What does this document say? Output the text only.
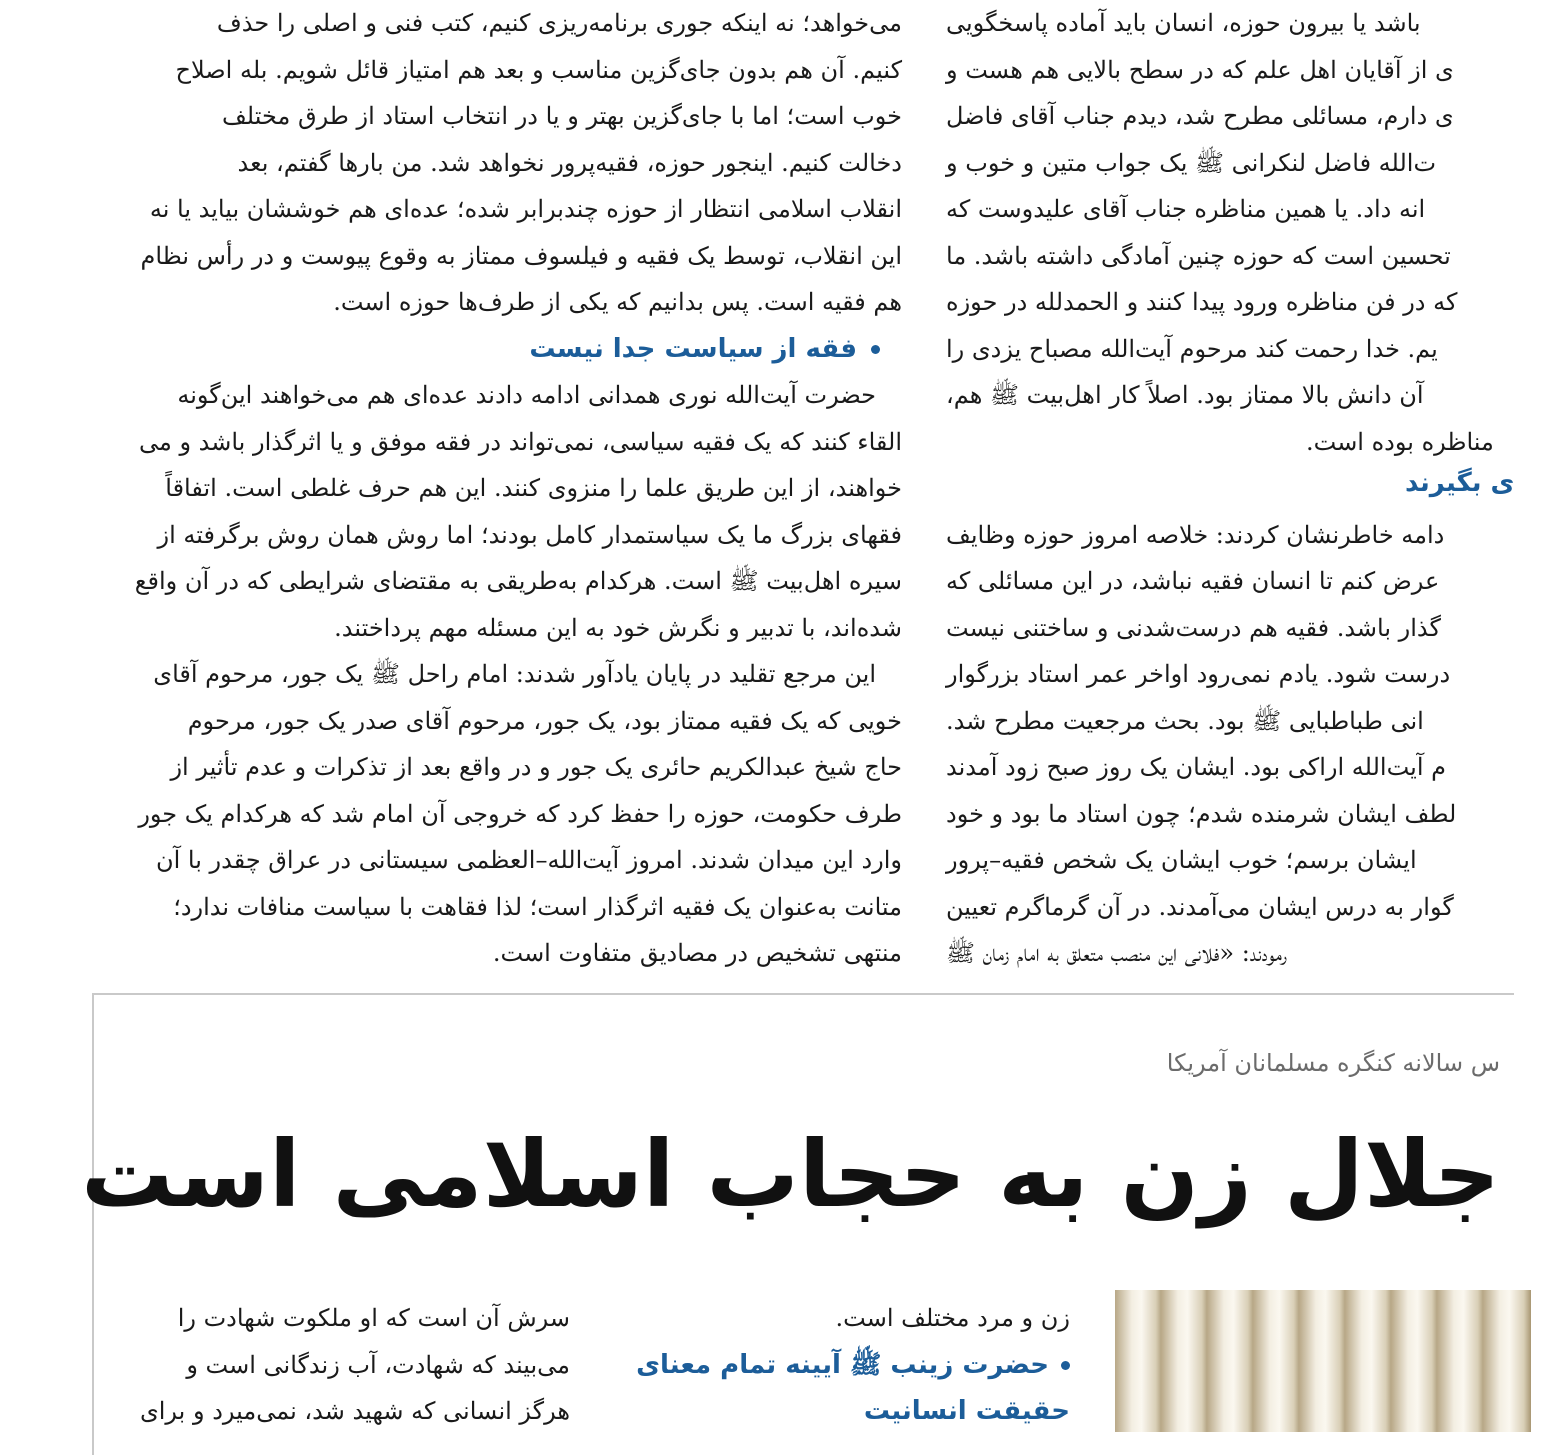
می‌خواهد؛ نه اینکه جوری برنامه‌ریزی کنیم، کتب فنی و اصلی را حذف
کنیم. آن هم بدون جای‌گزین مناسب و بعد هم امتیاز قائل شویم. بله اصلاح
خوب است؛ اما با جای‌گزین بهتر و یا در انتخاب استاد از طرق مختلف
دخالت کنیم. اینجور حوزه، فقیه‌پرور نخواهد شد. من بارها گفتم، بعد
انقلاب اسلامی انتظار از حوزه چندبرابر شده؛ عده‌ای هم خوششان بیاید یا نه
این انقلاب، توسط یک فقیه و فیلسوف ممتاز به وقوع پیوست و در رأس نظام
هم فقیه است. پس بدانیم که یکی از طرف‌ها حوزه است.
فقه از سیاست جدا نیست
حضرت آیت‌الله نوری همدانی ادامه دادند عده‌ای هم می‌خواهند این‌گونه
القاء کنند که یک فقیه سیاسی، نمی‌تواند در فقه موفق و یا اثرگذار باشد و می
خواهند، از این طریق علما را منزوی کنند. این هم حرف غلطی است. اتفاقاً
فقهای بزرگ ما یک سیاستمدار کامل بودند؛ اما روش همان روش برگرفته از
سیره اهل‌بیت ﷺ است. هرکدام به‌طریقی به مقتضای شرایطی که در آن واقع
شده‌اند، با تدبیر و نگرش خود به این مسئله مهم پرداختند.
این مرجع تقلید در پایان یادآور شدند: امام راحل ﷺ یک جور، مرحوم آقای
خویی که یک فقیه ممتاز بود، یک جور، مرحوم آقای صدر یک جور، مرحوم
حاج شیخ عبدالکریم حائری یک جور و در واقع بعد از تذکرات و عدم تأثیر از
طرف حکومت، حوزه را حفظ کرد که خروجی آن امام شد که هرکدام یک جور
وارد این میدان شدند. امروز آیت‌الله‌–العظمی سیستانی در عراق چقدر با آن
متانت به‌عنوان یک فقیه اثرگذار است؛ لذا فقاهت با سیاست منافات ندارد؛
منتهی تشخیص در مصادیق متفاوت است.
باشد یا بیرون حوزه، انسان باید آماده پاسخگویی
ی از آقایان اهل علم که در سطح بالایی هم هست و
ی دارم، مسائلی مطرح شد، دیدم جناب آقای فاضل
ت‌الله فاضل لنکرانی ﷺ یک جواب متین و خوب و
انه داد. یا همین مناظره جناب آقای علیدوست که
تحسین است که حوزه چنین آمادگی داشته باشد. ما
که در فن مناظره ورود پیدا کنند و الحمدلله در حوزه
یم. خدا رحمت کند مرحوم آیت‌الله مصباح یزدی را
آن دانش بالا ممتاز بود. اصلاً کار اهل‌بیت ﷺ هم،
مناظره بوده است.
دامه خاطرنشان کردند: خلاصه امروز حوزه وظایف
عرض کنم تا انسان فقیه نباشد، در این مسائلی که
گذار باشد. فقیه هم درست‌شدنی و ساختنی نیست
درست شود. یادم نمی‌رود اواخر عمر استاد بزرگوار
انی طباطبایی ﷺ بود. بحث مرجعیت مطرح شد.
م آیت‌الله اراکی بود. ایشان یک روز صبح زود آمدند
لطف ایشان شرمنده شدم؛ چون استاد ما بود و خود
ایشان برسم؛ خوب ایشان یک شخص فقیه‌–پرور
گوار به درس ایشان می‌آمدند. در آن گرماگرم تعیین
رمودند: «فلانی این منصب متعلق به امام زمان ﷺ
ی بگیرند
س سالانه کنگره مسلمانان آمریکا
جلال زن به حجاب اسلامی است
سرش آن است که او ملکوت شهادت را
می‌بیند که شهادت، آب زندگانی است و
هرگز انسانی که شهید شد، نمی‌میرد و برای
زن و مرد مختلف است.
حضرت زینب ﷺ آیینه تمام معنای
حقیقت انسانیت
